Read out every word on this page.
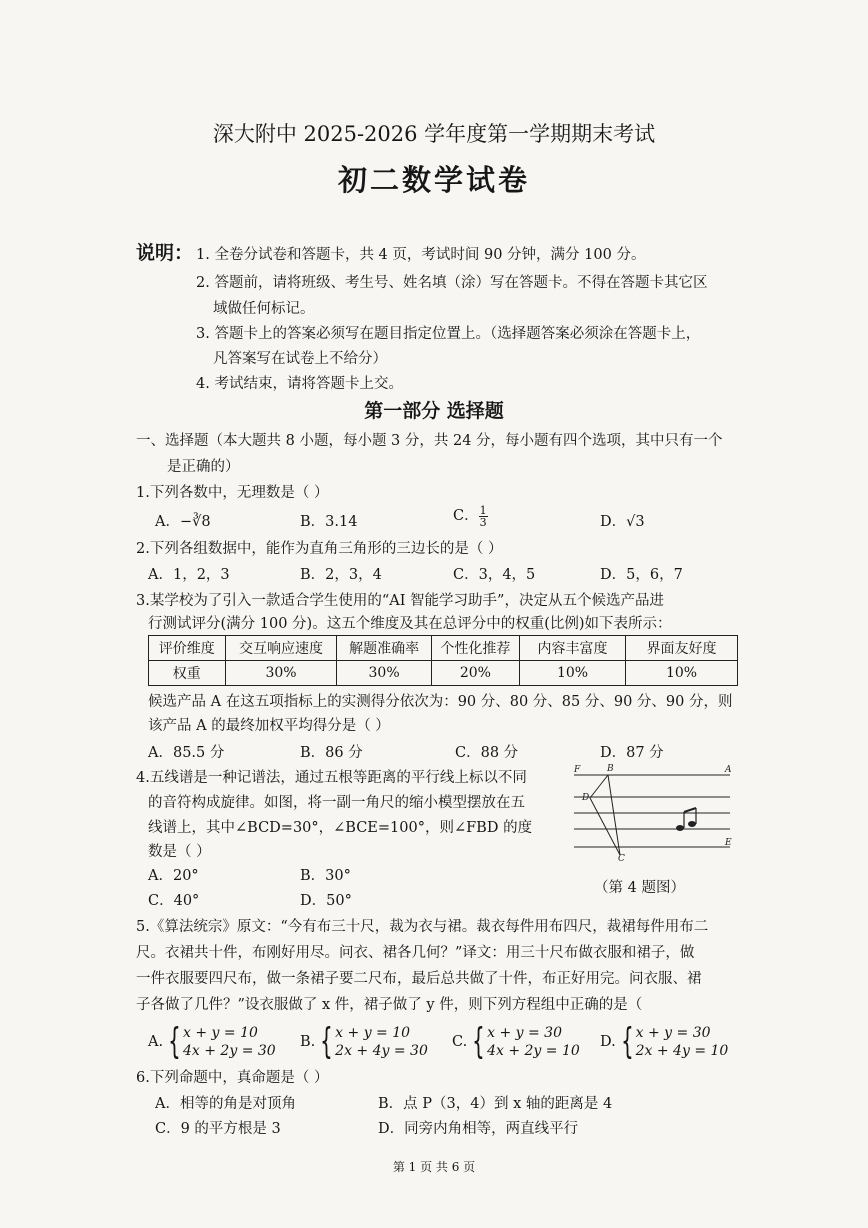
深大附中 2025-2026 学年度第一学期期末考试
初二数学试卷
说明： 1. 全卷分试卷和答题卡，共 4 页，考试时间 90 分钟，满分 100 分。
2. 答题前，请将班级、考生号、姓名填（涂）写在答题卡。不得在答题卡其它区
域做任何标记。
3. 答题卡上的答案必须写在题目指定位置上。（选择题答案必须涂在答题卡上，
凡答案写在试卷上不给分）
4. 考试结束，请将答题卡上交。
第一部分 选择题
一、选择题（本大题共 8 小题，每小题 3 分，共 24 分，每小题有四个选项，其中只有一个
是正确的）
1.下列各数中，无理数是（ ）
A．−∛8	B．3.14	C． $\frac{1}{3}$	D．√3
2.下列各组数据中，能作为直角三角形的三边长的是（ ）
A．1，2，3	B．2，3，4	C．3，4，5	D．5，6，7
3.某学校为了引入一款适合学生使用的“AI 智能学习助手”，决定从五个候选产品进
行测试评分(满分 100 分)。这五个维度及其在总评分中的权重(比例)如下表所示：
评价维度	交互响应速度	解题准确率	个性化推荐	内容丰富度	界面友好度
权重	30%	30%	20%	10%	10%
候选产品 A 在这五项指标上的实测得分依次为：90 分、80 分、85 分、90 分、90 分，则
该产品 A 的最终加权平均得分是（ ）
A．85.5 分	B．86 分	C．88 分	D．87 分
4.五线谱是一种记谱法，通过五根等距离的平行线上标以不同
的音符构成旋律。如图，将一副一角尺的缩小模型摆放在五
线谱上，其中∠BCD=30°，∠BCE=100°，则∠FBD 的度
数是（ ）
A．20°	B．30°
C．40°	D．50°
F	B	A
D
C
E
（第 4 题图）
5.《算法统宗》原文：“今有布三十尺，裁为衣与裙。裁衣每件用布四尺，裁裙每件用布二
尺。衣裙共十件，布刚好用尽。问衣、裙各几何？”译文：用三十尺布做衣服和裙子，做
一件衣服要四尺布，做一条裙子要二尺布，最后总共做了十件，布正好用完。问衣服、裙
子各做了几件？”设衣服做了 x 件，裙子做了 y 件，则下列方程组中正确的是（
A. { x + y = 10
4x + 2y = 30
B. { x + y = 10
2x + 4y = 30
C. { x + y = 30
4x + 2y = 10
D. { x + y = 30
2x + 4y = 10
6.下列命题中，真命题是（ ）
A．相等的角是对顶角	B．点 P（3，4）到 x 轴的距离是 4
C．9 的平方根是 3	D．同旁内角相等，两直线平行
第 1 页 共 6 页
